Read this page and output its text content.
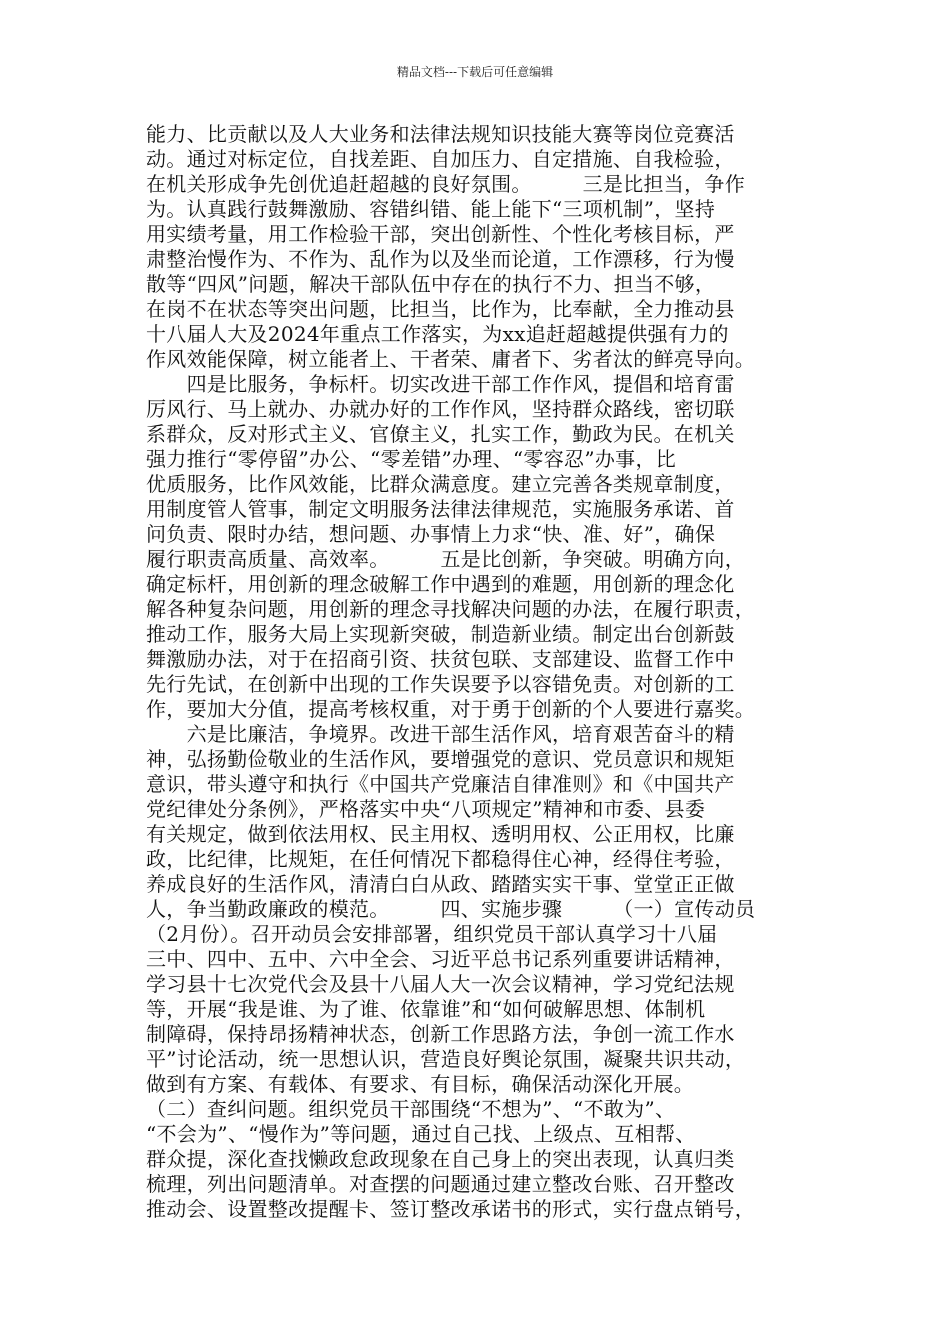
精品文档---下载后可任意编辑
能力、比贡献以及人大业务和法律法规知识技能大赛等岗位竞赛活
动。通过对标定位，自找差距、自加压力、自定措施、自我检验，
在机关形成争先创优追赶超越的良好氛围。　　　三是比担当，争作
为。认真践行鼓舞激励、容错纠错、能上能下“三项机制”，坚持
用实绩考量，用工作检验干部，突出创新性、个性化考核目标，严
肃整治慢作为、不作为、乱作为以及坐而论道，工作漂移，行为慢
散等“四风”问题，解决干部队伍中存在的执行不力、担当不够，
在岗不在状态等突出问题，比担当，比作为，比奉献，全力推动县
十八届人大及2024年重点工作落实，为xx追赶超越提供强有力的
作风效能保障，树立能者上、干者荣、庸者下、劣者汰的鲜亮导向。
　　四是比服务，争标杆。切实改进干部工作作风，提倡和培育雷
厉风行、马上就办、办就办好的工作作风，坚持群众路线，密切联
系群众，反对形式主义、官僚主义，扎实工作，勤政为民。在机关
强力推行“零停留”办公、“零差错”办理、“零容忍”办事，比
优质服务，比作风效能，比群众满意度。建立完善各类规章制度，
用制度管人管事，制定文明服务法律法律规范，实施服务承诺、首
问负责、限时办结，想问题、办事情上力求“快、准、好”，确保
履行职责高质量、高效率。　　　五是比创新，争突破。明确方向，
确定标杆，用创新的理念破解工作中遇到的难题，用创新的理念化
解各种复杂问题，用创新的理念寻找解决问题的办法，在履行职责，
推动工作，服务大局上实现新突破，制造新业绩。制定出台创新鼓
舞激励办法，对于在招商引资、扶贫包联、支部建设、监督工作中
先行先试，在创新中出现的工作失误要予以容错免责。对创新的工
作，要加大分值，提高考核权重，对于勇于创新的个人要进行嘉奖。
　　六是比廉洁，争境界。改进干部生活作风，培育艰苦奋斗的精
神，弘扬勤俭敬业的生活作风，要增强党的意识、党员意识和规矩
意识，带头遵守和执行《中国共产党廉洁自律准则》和《中国共产
党纪律处分条例》，严格落实中央“八项规定”精神和市委、县委
有关规定，做到依法用权、民主用权、透明用权、公正用权，比廉
政，比纪律，比规矩，在任何情况下都稳得住心神，经得住考验，
养成良好的生活作风，清清白白从政、踏踏实实干事、堂堂正正做
人，争当勤政廉政的模范。　　　四、实施步骤　　　（一）宣传动员
（2月份）。召开动员会安排部署，组织党员干部认真学习十八届
三中、四中、五中、六中全会、习近平总书记系列重要讲话精神，
学习县十七次党代会及县十八届人大一次会议精神，学习党纪法规
等，开展“我是谁、为了谁、依靠谁”和“如何破解思想、体制机
制障碍，保持昂扬精神状态，创新工作思路方法，争创一流工作水
平”讨论活动，统一思想认识，营造良好舆论氛围，凝聚共识共动，
做到有方案、有载体、有要求、有目标，确保活动深化开展。
（二）查纠问题。组织党员干部围绕“不想为”、“不敢为”、
“不会为”、“慢作为”等问题，通过自己找、上级点、互相帮、
群众提，深化查找懒政怠政现象在自己身上的突出表现，认真归类
梳理，列出问题清单。对查摆的问题通过建立整改台账、召开整改
推动会、设置整改提醒卡、签订整改承诺书的形式，实行盘点销号，
